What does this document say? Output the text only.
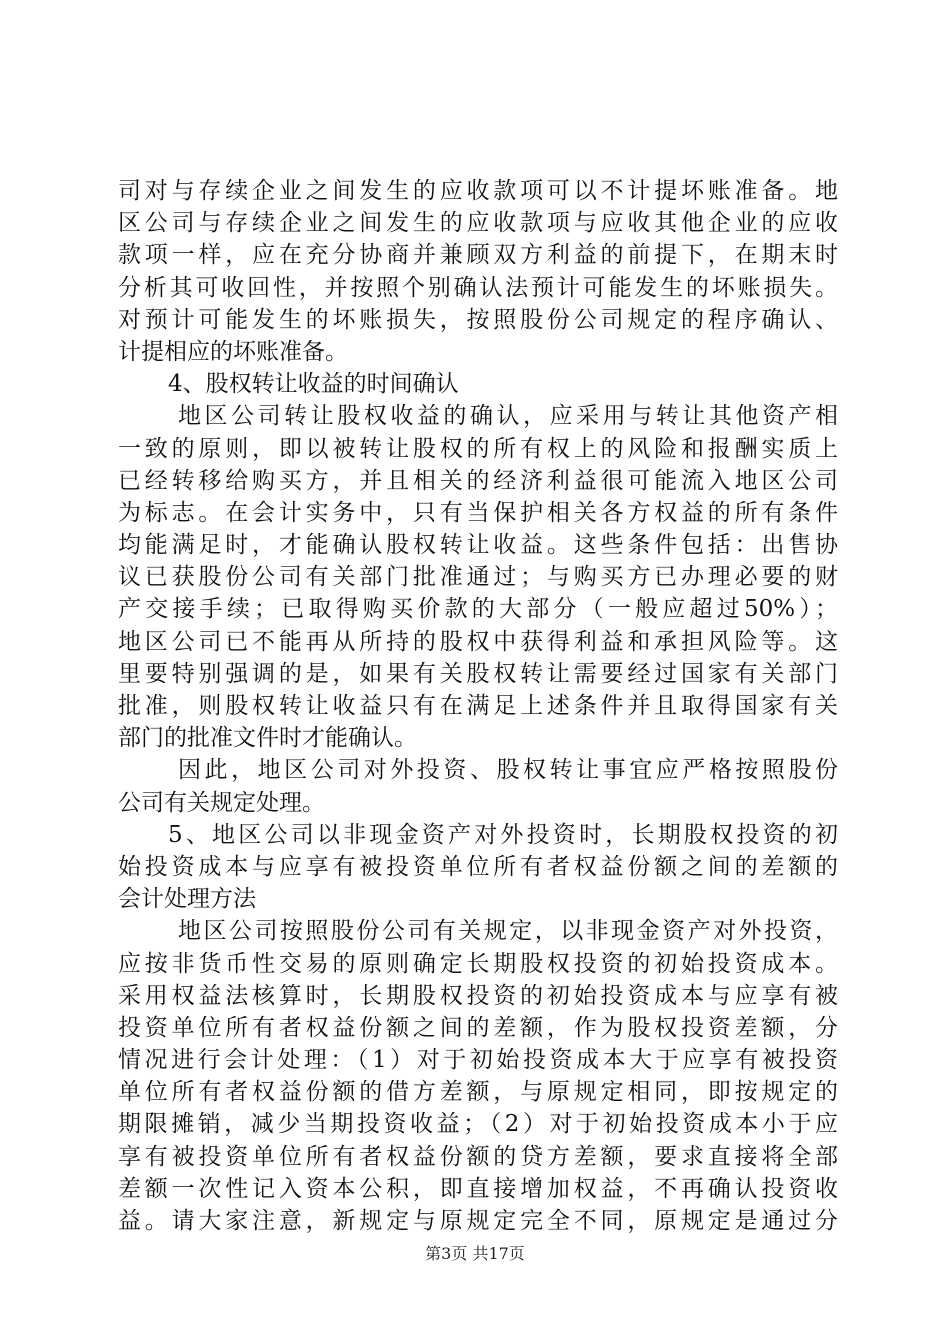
司对与存续企业之间发生的应收款项可以不计提坏账准备。地
区公司与存续企业之间发生的应收款项与应收其他企业的应收
款项一样，应在充分协商并兼顾双方利益的前提下，在期末时
分析其可收回性，并按照个别确认法预计可能发生的坏账损失。
对预计可能发生的坏账损失，按照股份公司规定的程序确认、
计提相应的坏账准备。
4、股权转让收益的时间确认
地区公司转让股权收益的确认，应采用与转让其他资产相
一致的原则，即以被转让股权的所有权上的风险和报酬实质上
已经转移给购买方，并且相关的经济利益很可能流入地区公司
为标志。在会计实务中，只有当保护相关各方权益的所有条件
均能满足时，才能确认股权转让收益。这些条件包括：出售协
议已获股份公司有关部门批准通过；与购买方已办理必要的财
产交接手续；已取得购买价款的大部分（一般应超过50%）；
地区公司已不能再从所持的股权中获得利益和承担风险等。这
里要特别强调的是，如果有关股权转让需要经过国家有关部门
批准，则股权转让收益只有在满足上述条件并且取得国家有关
部门的批准文件时才能确认。
因此，地区公司对外投资、股权转让事宜应严格按照股份
公司有关规定处理。
5、地区公司以非现金资产对外投资时，长期股权投资的初
始投资成本与应享有被投资单位所有者权益份额之间的差额的
会计处理方法
地区公司按照股份公司有关规定，以非现金资产对外投资，
应按非货币性交易的原则确定长期股权投资的初始投资成本。
采用权益法核算时，长期股权投资的初始投资成本与应享有被
投资单位所有者权益份额之间的差额，作为股权投资差额，分
情况进行会计处理：（1）对于初始投资成本大于应享有被投资
单位所有者权益份额的借方差额，与原规定相同，即按规定的
期限摊销，减少当期投资收益；（2）对于初始投资成本小于应
享有被投资单位所有者权益份额的贷方差额，要求直接将全部
差额一次性记入资本公积，即直接增加权益，不再确认投资收
益。请大家注意，新规定与原规定完全不同，原规定是通过分
第3页 共17页
